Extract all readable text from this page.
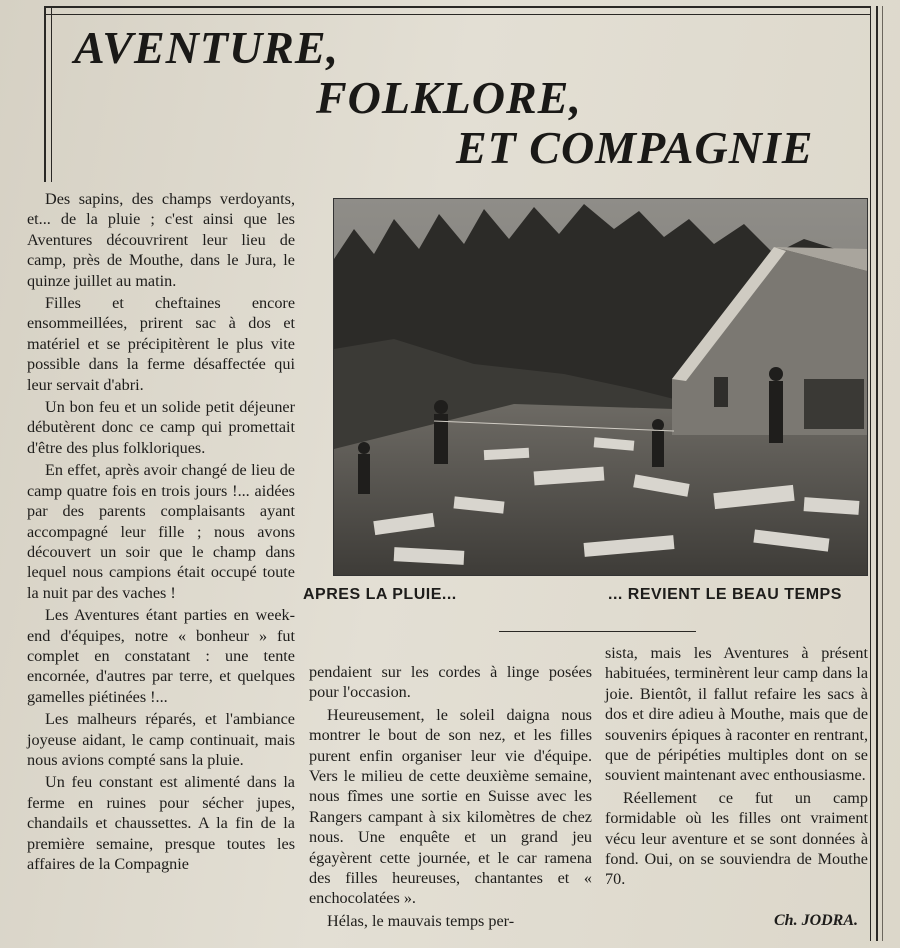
AVENTURE,
FOLKLORE,
ET COMPAGNIE

Des sapins, des champs verdoyants, et... de la pluie ; c'est ainsi que les Aventures découvrirent leur lieu de camp, près de Mouthe, dans le Jura, le quinze juillet au matin.

Filles et cheftaines encore ensommeillées, prirent sac à dos et matériel et se précipitèrent le plus vite possible dans la ferme désaffectée qui leur servait d'abri.

Un bon feu et un solide petit déjeuner débutèrent donc ce camp qui promettait d'être des plus folkloriques.

En effet, après avoir changé de lieu de camp quatre fois en trois jours !... aidées par des parents complaisants ayant accompagné leur fille ; nous avons découvert un soir que le champ dans lequel nous campions était occupé toute la nuit par des vaches !

Les Aventures étant parties en week-end d'équipes, notre « bonheur » fut complet en constatant : une tente encornée, d'autres par terre, et quelques gamelles piétinées !...

Les malheurs réparés, et l'ambiance joyeuse aidant, le camp continuait, mais nous avions compté sans la pluie.

Un feu constant est alimenté dans la ferme en ruines pour sécher jupes, chandails et chaussettes. A la fin de la première semaine, presque toutes les affaires de la Compagnie

APRES LA PLUIE...	... REVIENT LE BEAU TEMPS

pendaient sur les cordes à linge posées pour l'occasion.

Heureusement, le soleil daigna nous montrer le bout de son nez, et les filles purent enfin organiser leur vie d'équipe. Vers le milieu de cette deuxième semaine, nous fîmes une sortie en Suisse avec les Rangers campant à six kilomètres de chez nous. Une enquête et un grand jeu égayèrent cette journée, et le car ramena des filles heureuses, chantantes et « enchocolatées ».

Hélas, le mauvais temps per-

sista, mais les Aventures à présent habituées, terminèrent leur camp dans la joie. Bientôt, il fallut refaire les sacs à dos et dire adieu à Mouthe, mais que de souvenirs épiques à raconter en rentrant, que de péripéties multiples dont on se souvient maintenant avec enthousiasme.

Réellement ce fut un camp formidable où les filles ont vraiment vécu leur aventure et se sont données à fond. Oui, on se souviendra de Mouthe 70.

Ch. JODRA.
